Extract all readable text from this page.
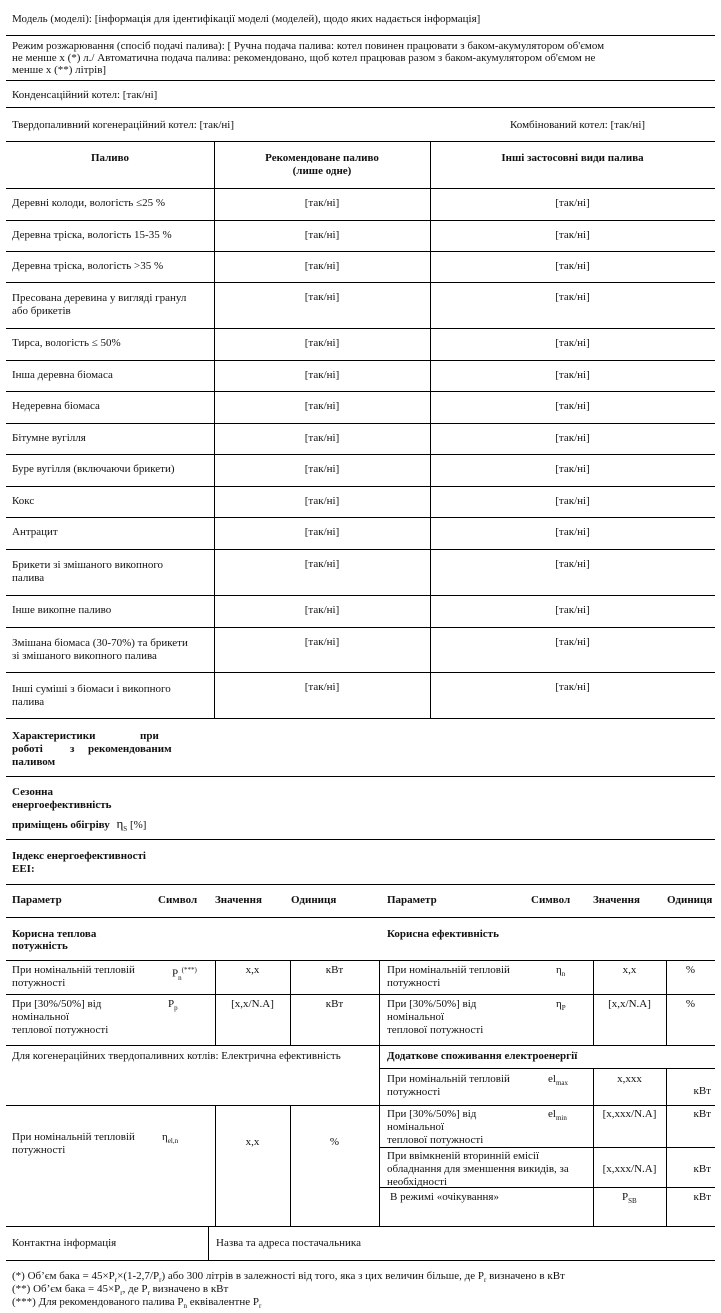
Модель (моделі): [інформація для ідентифікації моделі (моделей), щодо яких надається інформація]
Режим розжарювання (спосіб подачі палива): [ Ручна подача палива: котел повинен працювати з баком-акумулятором об'ємом
не менше x (*) л./ Автоматична подача палива: рекомендовано, щоб котел працював разом з баком-акумулятором об'ємом не
менше x (**) літрів]
Конденсаційний котел: [так/ні]
Твердопаливний когенераційний котел: [так/ні]	Комбінований котел: [так/ні]
Паливо	Рекомендоване паливо
(лише одне)
Інші застосовні види палива
Деревні колоди, вологість ≤25 %	[так/ні]	[так/ні]
Деревна тріска, вологість 15-35 %	[так/ні]	[так/ні]
Деревна тріска, вологість >35 %	[так/ні]	[так/ні]
Пресована деревина у вигляді гранул
або брикетів
[так/ні]	[так/ні]
Тирса, вологість ≤ 50%	[так/ні]	[так/ні]
Інша деревна біомаса	[так/ні]	[так/ні]
Недеревна біомаса	[так/ні]	[так/ні]
Бітумне вугілля	[так/ні]	[так/ні]
Буре вугілля (включаючи брикети)	[так/ні]	[так/ні]
Кокс	[так/ні]	[так/ні]
Антрацит	[так/ні]	[так/ні]
Брикети зі змішаного викопного
палива
[так/ні]	[так/ні]
Інше викопне паливо	[так/ні]	[так/ні]
Змішана біомаса (30-70%) та брикети
зі змішаного викопного палива
[так/ні]	[так/ні]
Інші суміші з біомаси і викопного
палива
[так/ні]	[так/ні]
Характеристики	при
роботі з рекомендованим
паливом
Сезонна
енергоефективність
приміщень обігріву $\eta_S$ [%]
Індекс енергоефективності
EEI:
Параметр	Символ Значення	Одиниця	Параметр	Символ Значення Одиниця
Корисна теплова
потужність
Корисна ефективність
При номінальній тепловій
потужності
$P_n^{(***)}$	x,x	кВт
При [30%/50%] від
номінальної
теплової потужності
$P_p$	[x,x/N.A]	кВт
При номінальній тепловій
потужності
$\eta_n$	x,x	%
При [30%/50%] від
номінальної
теплової потужності
$\eta_P$	[x,x/N.A]	%
Для когенераційних твердопаливних котлів: Електрична ефективність	Додаткове споживання електроенергії
При номінальній тепловій
потужності
$el_{max}$	x,xxx
кВт
При [30%/50%] від
номінальної
теплової потужності
$el_{min}$	[x,xxx/N.A]	кВт
При ввімкненій вторинній емісії
обладнання для зменшення викидів, за
необхідності
[x,xxx/N.A]	кВт
В режимі «очікування»	$P_{SB}$	кВт
При номінальній тепловій
потужності
$\eta_{el,n}$	x,x	%
Контактна інформація	Назва та адреса постачальника
(*) Об’єм бака = $45\times P_r\times(1-2,7/P_r)$ або 300 літрів в залежності від того, яка з цих величин більше, де $P_r$ визначено в кВт
(**) Об’єм бака = $45\times P_r$, де $P_r$ визначено в кВт
(***) Для рекомендованого палива $P_n$ еквівалентне $P_r$
